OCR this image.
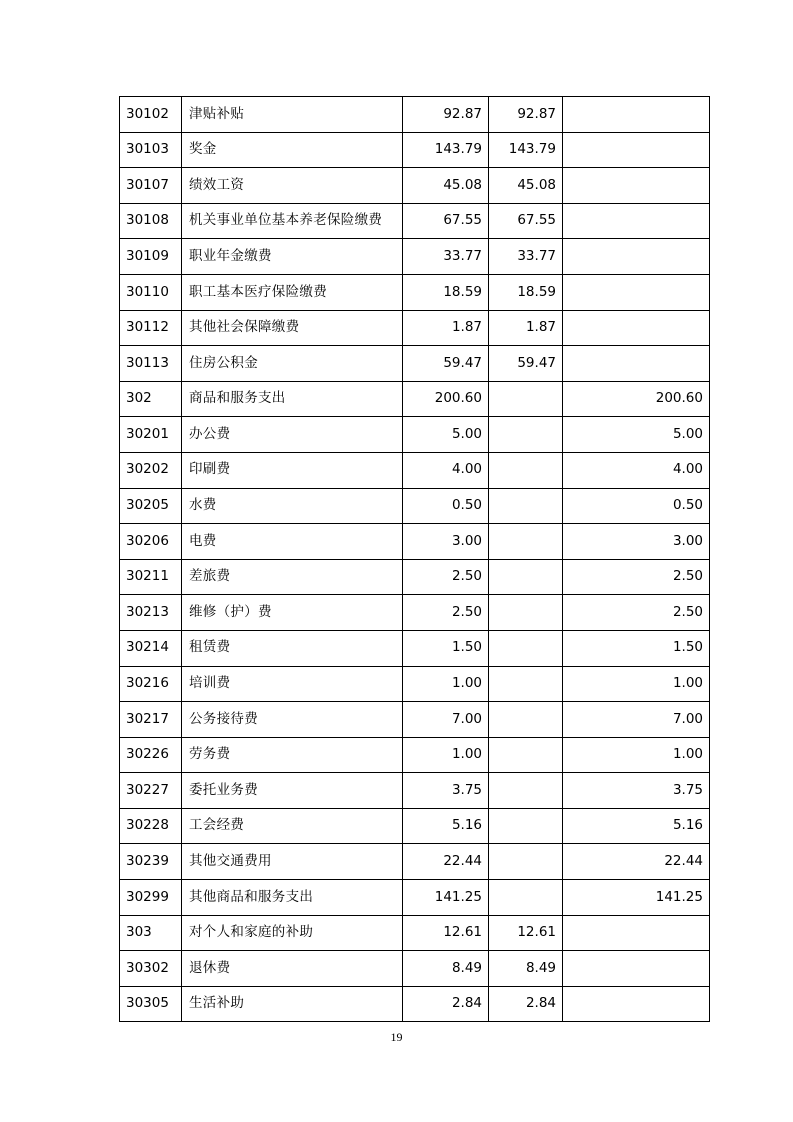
30102	津贴补贴	92.87	92.87	
30103	奖金	143.79	143.79	
30107	绩效工资	45.08	45.08	
30108	机关事业单位基本养老保险缴费	67.55	67.55	
30109	职业年金缴费	33.77	33.77	
30110	职工基本医疗保险缴费	18.59	18.59	
30112	其他社会保障缴费	1.87	1.87	
30113	住房公积金	59.47	59.47	
302	商品和服务支出	200.60		200.60
30201	办公费	5.00		5.00
30202	印刷费	4.00		4.00
30205	水费	0.50		0.50
30206	电费	3.00		3.00
30211	差旅费	2.50		2.50
30213	维修（护）费	2.50		2.50
30214	租赁费	1.50		1.50
30216	培训费	1.00		1.00
30217	公务接待费	7.00		7.00
30226	劳务费	1.00		1.00
30227	委托业务费	3.75		3.75
30228	工会经费	5.16		5.16
30239	其他交通费用	22.44		22.44
30299	其他商品和服务支出	141.25		141.25
303	对个人和家庭的补助	12.61	12.61	
30302	退休费	8.49	8.49	
30305	生活补助	2.84	2.84	
19
